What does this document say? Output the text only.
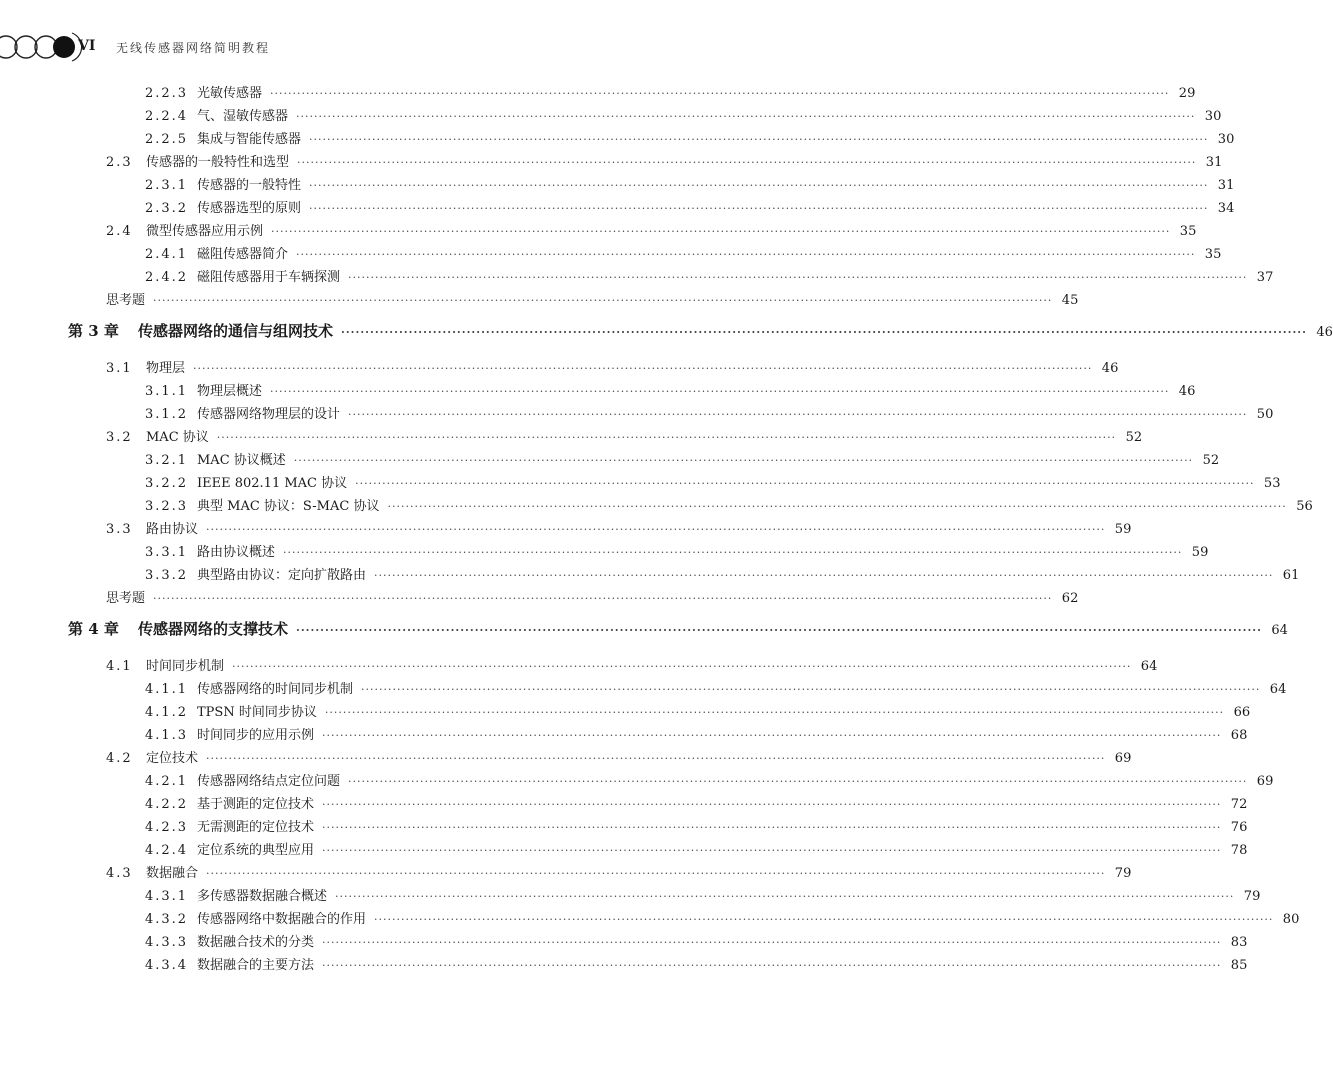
VI 无线传感器网络简明教程
2.2.3 光敏传感器 ········································································································································································································ 29
2.2.4 气、湿敏传感器 ········································································································································································································ 30
2.2.5 集成与智能传感器 ········································································································································································································ 30
2.3	传感器的一般特性和选型 ········································································································································································································ 31
2.3.1 传感器的一般特性 ········································································································································································································ 31
2.3.2 传感器选型的原则 ········································································································································································································ 34
2.4	微型传感器应用示例 ········································································································································································································ 35
2.4.1 磁阻传感器简介 ········································································································································································································ 35
2.4.2 磁阻传感器用于车辆探测 ········································································································································································································ 37
思考题 ········································································································································································································ 45
第 3 章	传感器网络的通信与组网技术 ········································································································································································································ 46
3.1	物理层 ········································································································································································································ 46
3.1.1 物理层概述 ········································································································································································································ 46
3.1.2 传感器网络物理层的设计 ········································································································································································································ 50
3.2	MAC 协议 ········································································································································································································ 52
3.2.1 MAC 协议概述 ········································································································································································································ 52
3.2.2 IEEE 802.11 MAC 协议 ········································································································································································································ 53
3.2.3 典型 MAC 协议：S-MAC 协议 ········································································································································································································ 56
3.3	路由协议 ········································································································································································································ 59
3.3.1 路由协议概述 ········································································································································································································ 59
3.3.2 典型路由协议：定向扩散路由 ········································································································································································································ 61
思考题 ········································································································································································································ 62
第 4 章	传感器网络的支撑技术 ········································································································································································································ 64
4.1	时间同步机制 ········································································································································································································ 64
4.1.1 传感器网络的时间同步机制 ········································································································································································································ 64
4.1.2 TPSN 时间同步协议 ········································································································································································································ 66
4.1.3 时间同步的应用示例 ········································································································································································································ 68
4.2	定位技术 ········································································································································································································ 69
4.2.1 传感器网络结点定位问题 ········································································································································································································ 69
4.2.2 基于测距的定位技术 ········································································································································································································ 72
4.2.3 无需测距的定位技术 ········································································································································································································ 76
4.2.4 定位系统的典型应用 ········································································································································································································ 78
4.3	数据融合 ········································································································································································································ 79
4.3.1 多传感器数据融合概述 ········································································································································································································ 79
4.3.2 传感器网络中数据融合的作用 ········································································································································································································ 80
4.3.3 数据融合技术的分类 ········································································································································································································ 83
4.3.4 数据融合的主要方法 ········································································································································································································ 85
